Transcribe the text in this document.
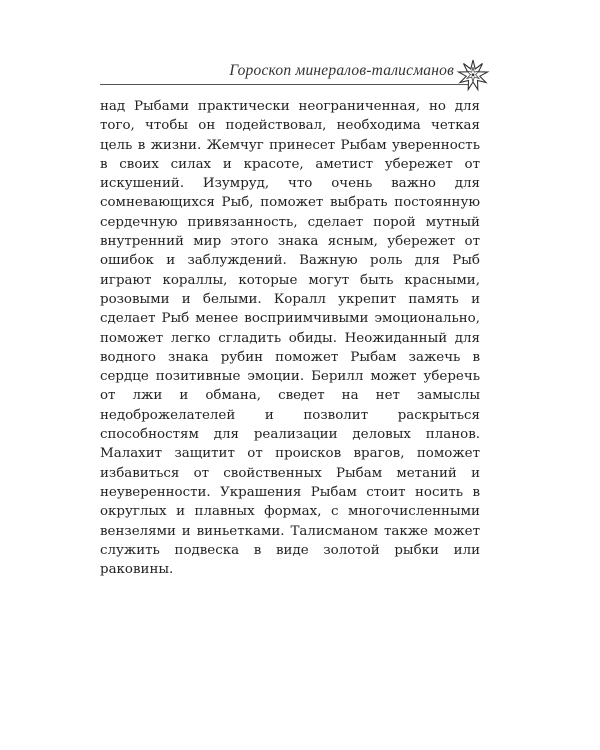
Гороскоп минералов-талисманов

над Рыбами практически неограниченная, но для того, чтобы он подействовал, необходима четкая цель в жизни. Жемчуг принесет Рыбам уверенность в своих силах и красоте, аметист убережет от искушений. Изумруд, что очень важно для сомневающихся Рыб, поможет выбрать постоянную сердечную привязанность, сделает порой мутный внутренний мир этого знака ясным, убережет от ошибок и заблуждений. Важную роль для Рыб играют кораллы, которые могут быть красными, розовыми и белыми. Коралл укрепит память и сделает Рыб менее восприимчивыми эмоционально, поможет легко сгладить обиды. Неожиданный для водного знака рубин поможет Рыбам зажечь в сердце позитивные эмоции. Берилл может уберечь от лжи и обмана, сведет на нет замыслы недоброжелателей и позволит раскрыться способностям для реализации деловых планов. Малахит защитит от происков врагов, поможет избавиться от свойственных Рыбам метаний и неуверенности. Украшения Рыбам стоит носить в округлых и плавных формах, с многочисленными вензелями и виньетками. Талисманом также может служить подвеска в виде золотой рыбки или раковины.
